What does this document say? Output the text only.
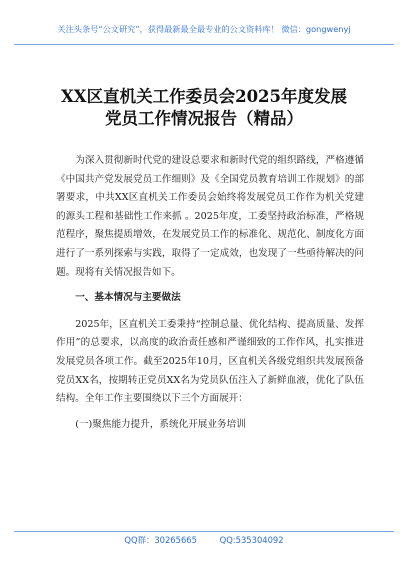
关注头条号“公文研究”，获得最新最全最专业的公文资料库！ 微信：gongwenyj
XX区直机关工作委员会2025年度发展
党员工作情况报告（精品）

为深入贯彻新时代党的建设总要求和新时代党的组织路线，严格遵循《中国共产党发展党员工作细则》及《全国党员教育培训工作规划》的部署要求，中共XX区直机关工作委员会始终将发展党员工作作为机关党建的源头工程和基础性工作来抓 。2025年度，工委坚持政治标准，严格规范程序，聚焦提质增效，在发展党员工作的标准化、规范化、制度化方面进行了一系列探索与实践，取得了一定成效，也发现了一些亟待解决的问题。现将有关情况报告如下。

一、基本情况与主要做法

2025年，区直机关工委秉持“控制总量、优化结构、提高质量、发挥作用”的总要求，以高度的政治责任感和严谨细致的工作作风，扎实推进发展党员各项工作。截至2025年10月，区直机关各级党组织共发展预备党员XX名，按期转正党员XX名为党员队伍注入了新鲜血液，优化了队伍结构。全年工作主要围绕以下三个方面展开：

(一)聚焦能力提升，系统化开展业务培训

QQ群：30265665	QQ:535304092
